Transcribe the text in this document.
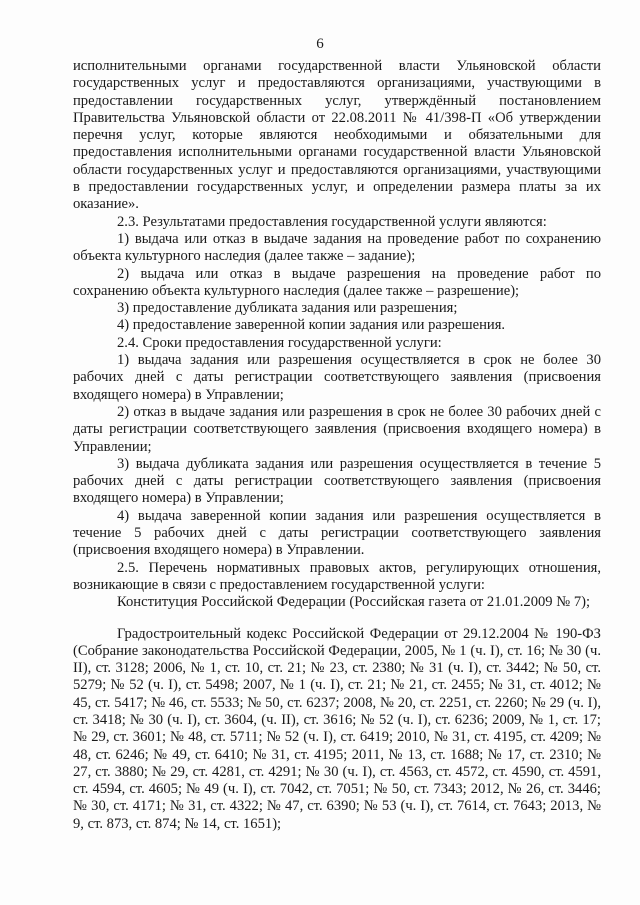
6

исполнительными органами государственной власти Ульяновской области государственных услуг и предоставляются организациями, участвующими в предоставлении государственных услуг, утверждённый постановлением Правительства Ульяновской области от 22.08.2011 № 41/398-П «Об утверждении перечня услуг, которые являются необходимыми и обязательными для предоставления исполнительными органами государственной власти Ульяновской области государственных услуг и предоставляются организациями, участвующими в предоставлении государственных услуг, и определении размера платы за их оказание».

2.3. Результатами предоставления государственной услуги являются:

1) выдача или отказ в выдаче задания на проведение работ по сохранению объекта культурного наследия (далее также – задание);

2) выдача или отказ в выдаче разрешения на проведение работ по сохранению объекта культурного наследия (далее также – разрешение);

3) предоставление дубликата задания или разрешения;

4) предоставление заверенной копии задания или разрешения.

2.4. Сроки предоставления государственной услуги:

1) выдача задания или разрешения осуществляется в срок не более 30 рабочих дней с даты регистрации соответствующего заявления (присвоения входящего номера) в Управлении;

2) отказ в выдаче задания или разрешения в срок не более 30 рабочих дней с даты регистрации соответствующего заявления (присвоения входящего номера) в Управлении;

3) выдача дубликата задания или разрешения осуществляется в течение 5 рабочих дней с даты регистрации соответствующего заявления (присвоения входящего номера) в Управлении;

4) выдача заверенной копии задания или разрешения осуществляется в течение 5 рабочих дней с даты регистрации соответствующего заявления (присвоения входящего номера) в Управлении.

2.5. Перечень нормативных правовых актов, регулирующих отношения, возникающие в связи с предоставлением государственной услуги:

Конституция Российской Федерации (Российская газета от 21.01.2009 № 7);

Градостроительный кодекс Российской Федерации от 29.12.2004 № 190-ФЗ (Собрание законодательства Российской Федерации, 2005, № 1 (ч. I), ст. 16; № 30 (ч. II), ст. 3128; 2006, № 1, ст. 10, ст. 21; № 23, ст. 2380; № 31 (ч. I), ст. 3442; № 50, ст. 5279; № 52 (ч. I), ст. 5498; 2007, № 1 (ч. I), ст. 21; № 21, ст. 2455; № 31, ст. 4012; № 45, ст. 5417; № 46, ст. 5533; № 50, ст. 6237; 2008, № 20, ст. 2251, ст. 2260; № 29 (ч. I), ст. 3418; № 30 (ч. I), ст. 3604, (ч. II), ст. 3616; № 52 (ч. I), ст. 6236; 2009, № 1, ст. 17; № 29, ст. 3601; № 48, ст. 5711; № 52 (ч. I), ст. 6419; 2010, № 31, ст. 4195, ст. 4209; № 48, ст. 6246; № 49, ст. 6410; № 31, ст. 4195; 2011, № 13, ст. 1688; № 17, ст. 2310; № 27, ст. 3880; № 29, ст. 4281, ст. 4291; № 30 (ч. I), ст. 4563, ст. 4572, ст. 4590, ст. 4591, ст. 4594, ст. 4605; № 49 (ч. I), ст. 7042, ст. 7051; № 50, ст. 7343; 2012, № 26, ст. 3446; № 30, ст. 4171; № 31, ст. 4322; № 47, ст. 6390; № 53 (ч. I), ст. 7614, ст. 7643; 2013, № 9, ст. 873, ст. 874; № 14, ст. 1651);
